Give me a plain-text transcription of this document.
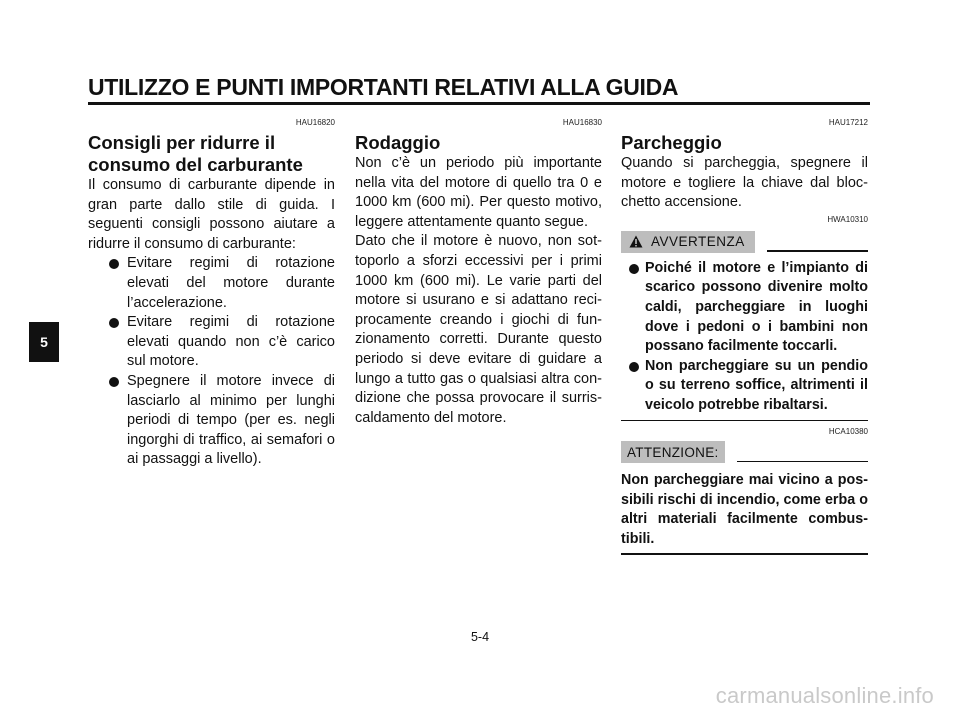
UTILIZZO E PUNTI IMPORTANTI RELATIVI ALLA GUIDA
5
HAU16820
Consigli per ridurre il
consumo del carburante

Il consumo di carburante dipende in gran parte dallo stile di guida. I seguenti consigli possono aiutare a ridurre il consumo di carburante:

Evitare regimi di rotazione elevati del motore durante l’accelerazione.
Evitare regimi di rotazione elevati quando non c’è carico sul motore.
Spegnere il motore invece di lasciarlo al minimo per lunghi periodi di tempo (per es. negli ingorghi di traffico, ai semafori o ai passaggi a livello).
HAU16830
Rodaggio

Non c’è un periodo più importante nella vita del motore di quello tra 0 e 1000 km (600 mi). Per questo motivo, leggere attentamente quanto segue.

Dato che il motore è nuovo, non sottoporlo a sforzi eccessivi per i primi 1000 km (600 mi). Le varie parti del motore si usurano e si adattano reciprocamente creando i giochi di funzionamento corretti. Durante questo periodo si deve evitare di guidare a lungo a tutto gas o qualsiasi altra condizione che possa provocare il surriscaldamento del motore.

HAU17212
Parcheggio

Quando si parcheggia, spegnere il motore e togliere la chiave dal blocchetto accensione.

HWA10310
AVVERTENZA
Poiché il motore e l’impianto di scarico possono divenire molto caldi, parcheggiare in luoghi dove i pedoni o i bambini non possano facilmente toccarli.
Non parcheggiare su un pendio o su terreno soffice, altrimenti il veicolo potrebbe ribaltarsi.
HCA10380
ATTENZIONE:

Non parcheggiare mai vicino a possibili rischi di incendio, come erba o altri materiali facilmente combustibili.

5-4
carmanualsonline.info
